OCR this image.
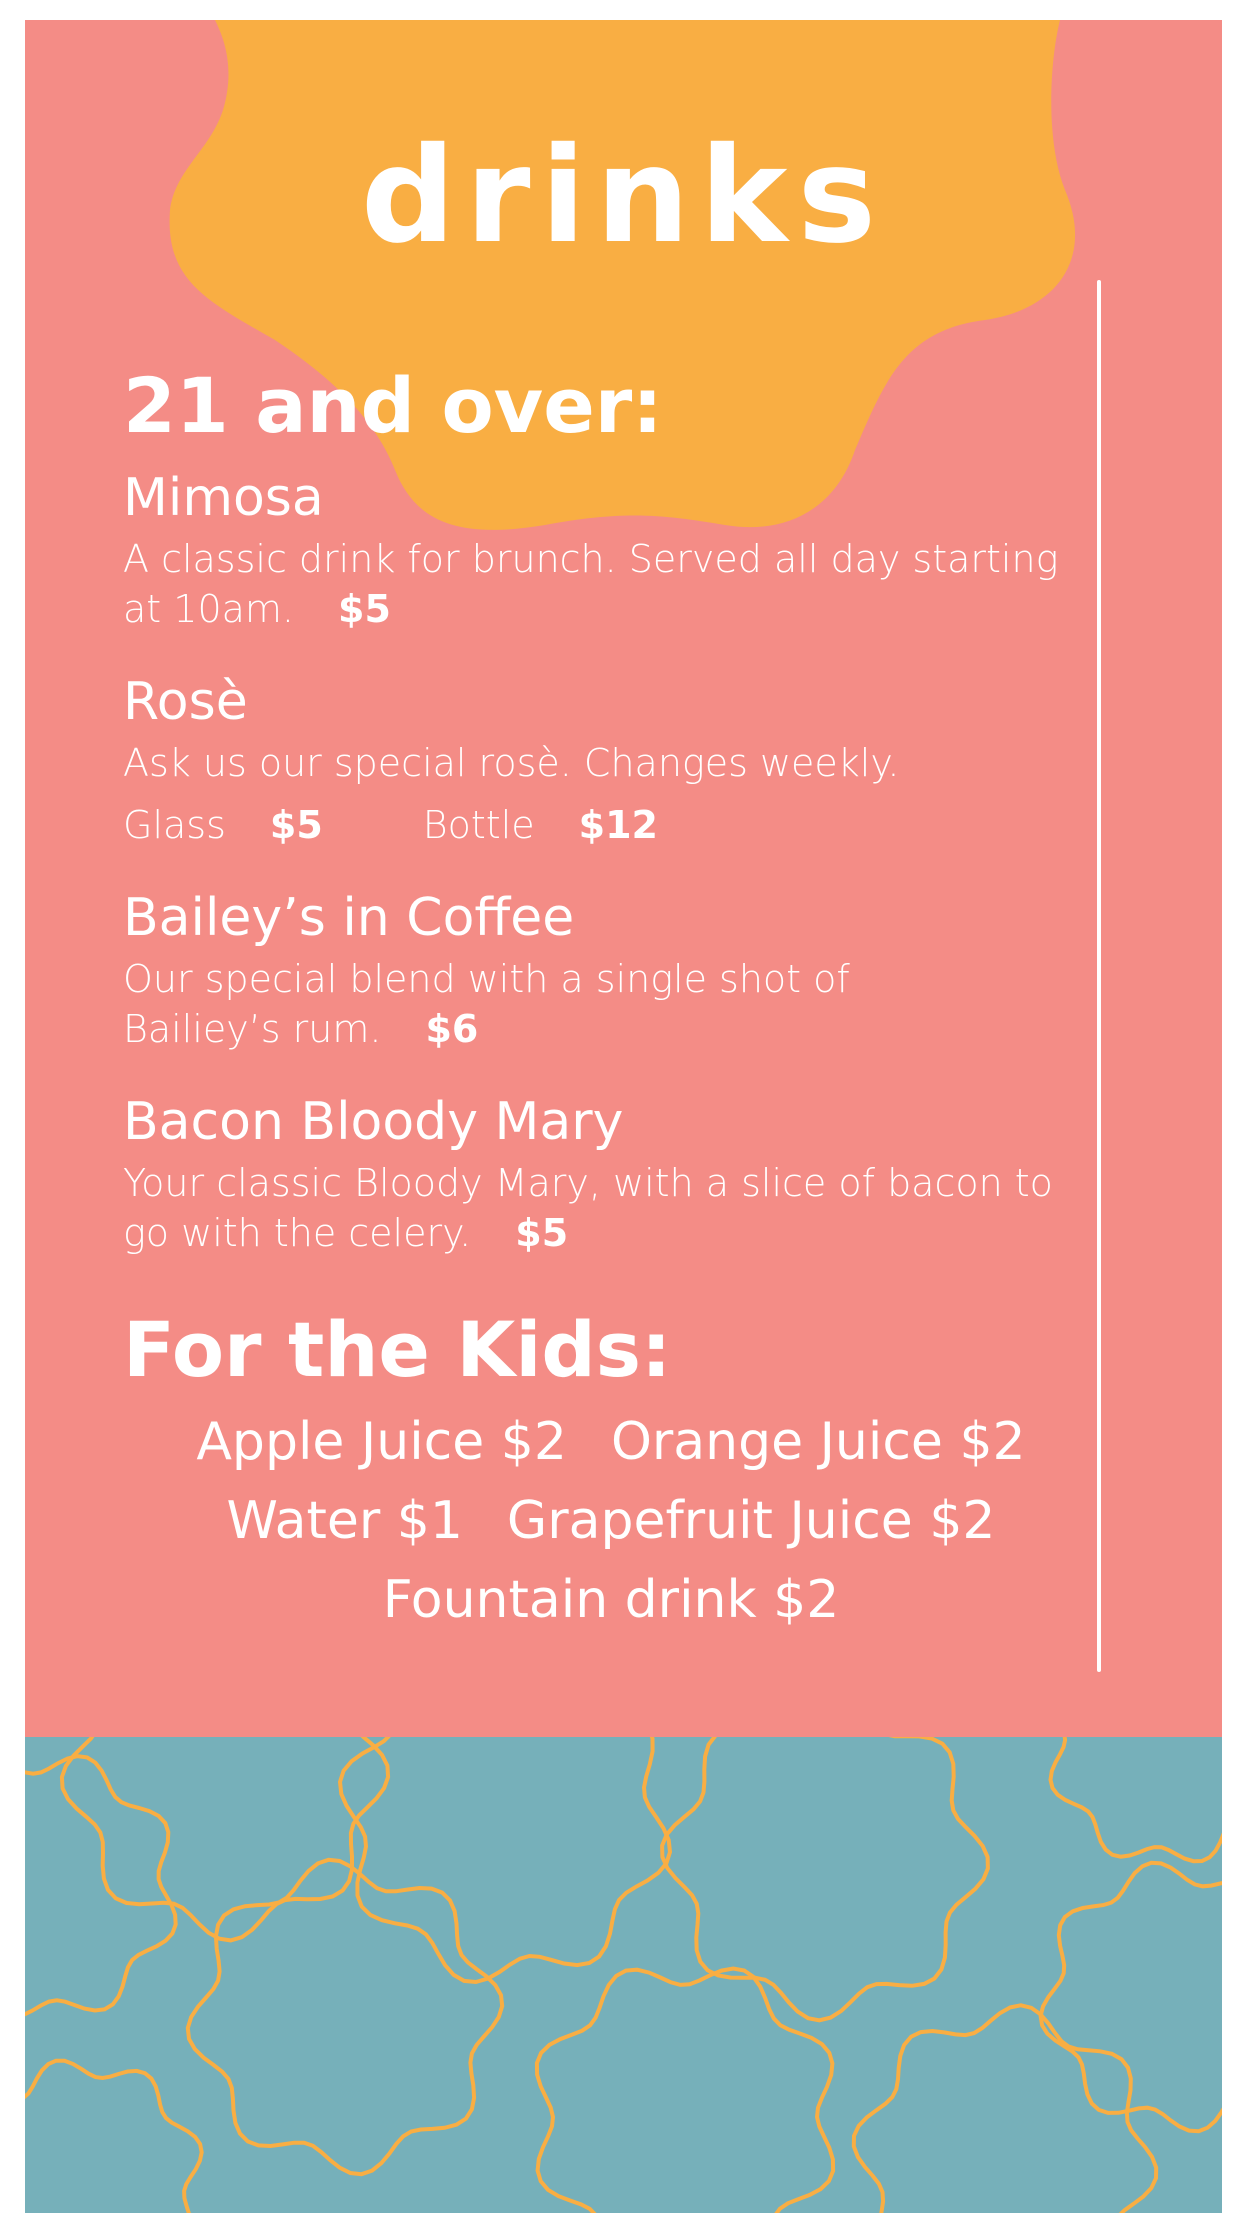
drinks
21 and over:
Mimosa
A classic drink for brunch. Served all day starting
at 10am. $5
Rosè
Ask us our special rosè. Changes weekly.
Glass $5	Bottle $12
Bailey’s in Coffee
Our special blend with a single shot of
Bailiey’s rum. $6
Bacon Bloody Mary
Your classic Bloody Mary, with a slice of bacon to
go with the celery. $5
For the Kids:
Apple Juice $2 Orange Juice $2
Water $1 Grapefruit Juice $2
Fountain drink $2
